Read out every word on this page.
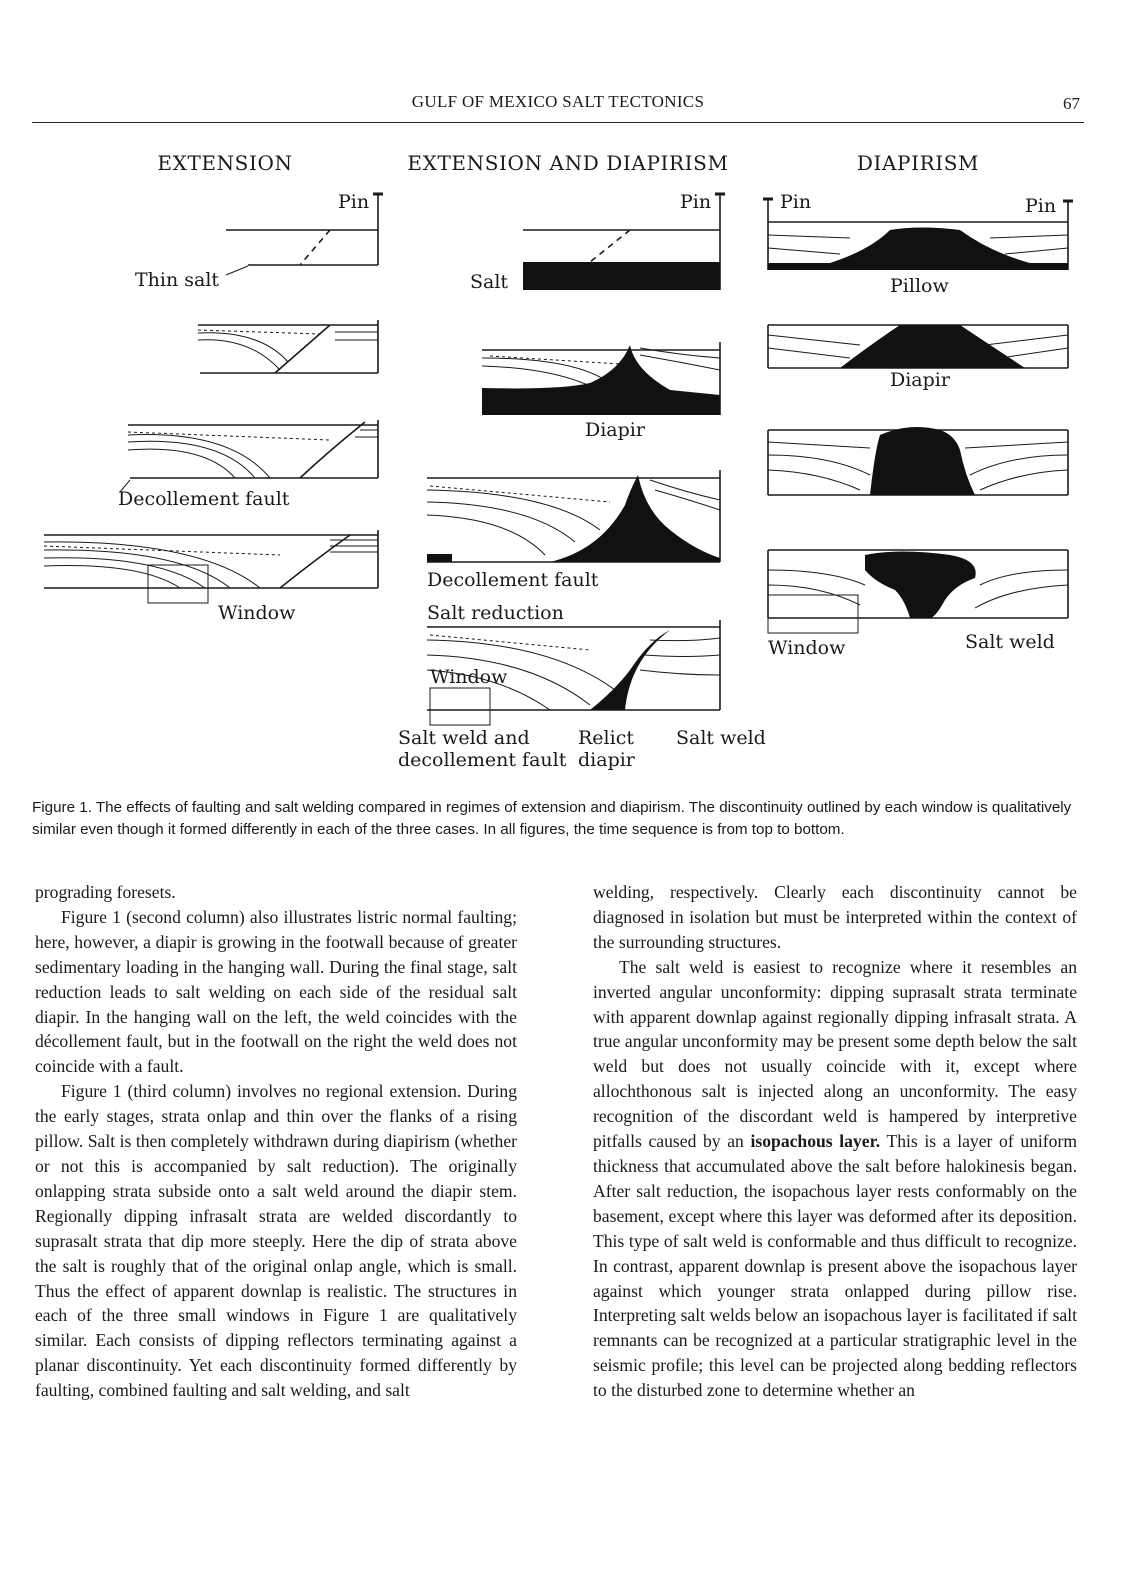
GULF OF MEXICO SALT TECTONICS	67
EXTENSION	EXTENSION AND DIAPIRISM	DIAPIRISM
Pin
Thin salt
Decollement fault
Window
Pin
Salt
Diapir
Decollement fault
Salt reduction
Window
Salt weld and
decollement fault
Relict
diapir
Salt weld
Pin	Pin
Pillow
Diapir
Window	Salt weld
Figure 1. The effects of faulting and salt welding compared in regimes of extension and diapirism. The discontinuity outlined by each window is qualitatively similar even though it formed differently in each of the three cases. In all figures, the time sequence is from top to bottom.

prograding foresets.

Figure 1 (second column) also illustrates listric normal faulting; here, however, a diapir is growing in the footwall because of greater sedimentary loading in the hanging wall. During the final stage, salt reduction leads to salt welding on each side of the residual salt diapir. In the hanging wall on the left, the weld coincides with the décollement fault, but in the footwall on the right the weld does not coincide with a fault.

Figure 1 (third column) involves no regional extension. During the early stages, strata onlap and thin over the flanks of a rising pillow. Salt is then completely withdrawn during diapirism (whether or not this is accompanied by salt reduction). The originally onlapping strata subside onto a salt weld around the diapir stem. Regionally dipping infrasalt strata are welded discordantly to suprasalt strata that dip more steeply. Here the dip of strata above the salt is roughly that of the original onlap angle, which is small. Thus the effect of apparent downlap is realistic. The structures in each of the three small windows in Figure 1 are qualitatively similar. Each consists of dipping reflectors terminating against a planar discontinuity. Yet each discontinuity formed differently by faulting, combined faulting and salt welding, and salt

welding, respectively. Clearly each discontinuity cannot be diagnosed in isolation but must be interpreted within the context of the surrounding structures.

The salt weld is easiest to recognize where it resembles an inverted angular unconformity: dipping suprasalt strata terminate with apparent downlap against regionally dipping infrasalt strata. A true angular unconformity may be present some depth below the salt weld but does not usually coincide with it, except where allochthonous salt is injected along an unconformity. The easy recognition of the discordant weld is hampered by interpretive pitfalls caused by an isopachous layer. This is a layer of uniform thickness that accumulated above the salt before halokinesis began. After salt reduction, the isopachous layer rests conformably on the basement, except where this layer was deformed after its deposition. This type of salt weld is conformable and thus difficult to recognize. In contrast, apparent downlap is present above the isopachous layer against which younger strata onlapped during pillow rise. Interpreting salt welds below an isopachous layer is facilitated if salt remnants can be recognized at a particular stratigraphic level in the seismic profile; this level can be projected along bedding reflectors to the disturbed zone to determine whether an
